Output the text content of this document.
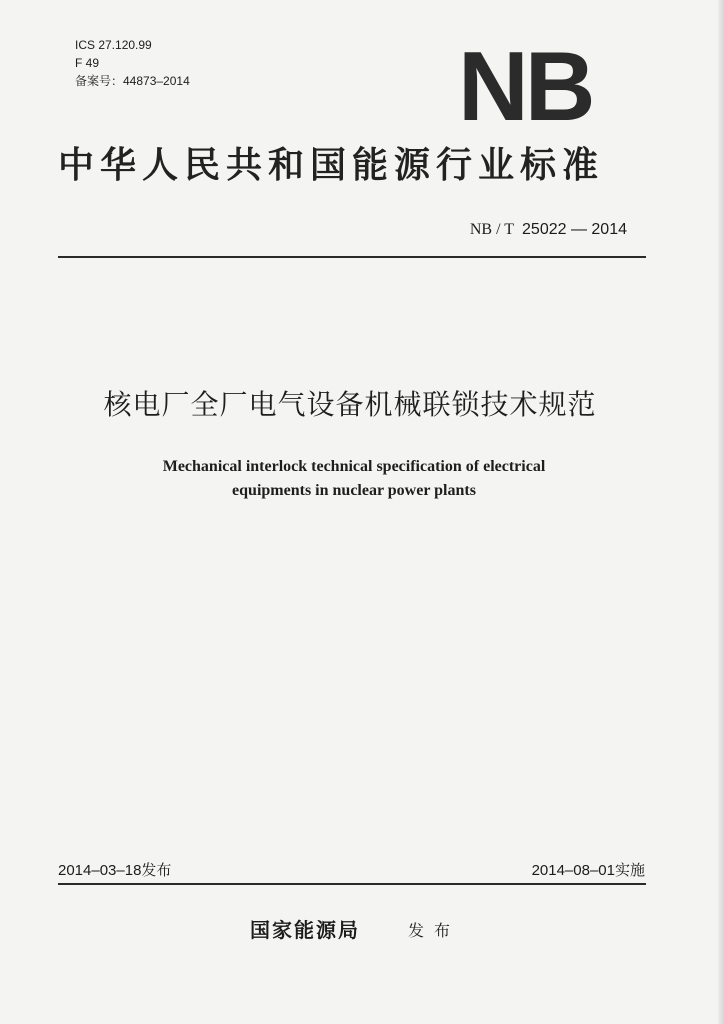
ICS 27.120.99
F 49
备案号：44873–2014	NB
中华人民共和国能源行业标准
NB / T 25022 — 2014
核电厂全厂电气设备机械联锁技术规范
Mechanical interlock technical specification of electrical
equipments in nuclear power plants
2014–03–18发布	2014–08–01实施
国家能源局	发布
